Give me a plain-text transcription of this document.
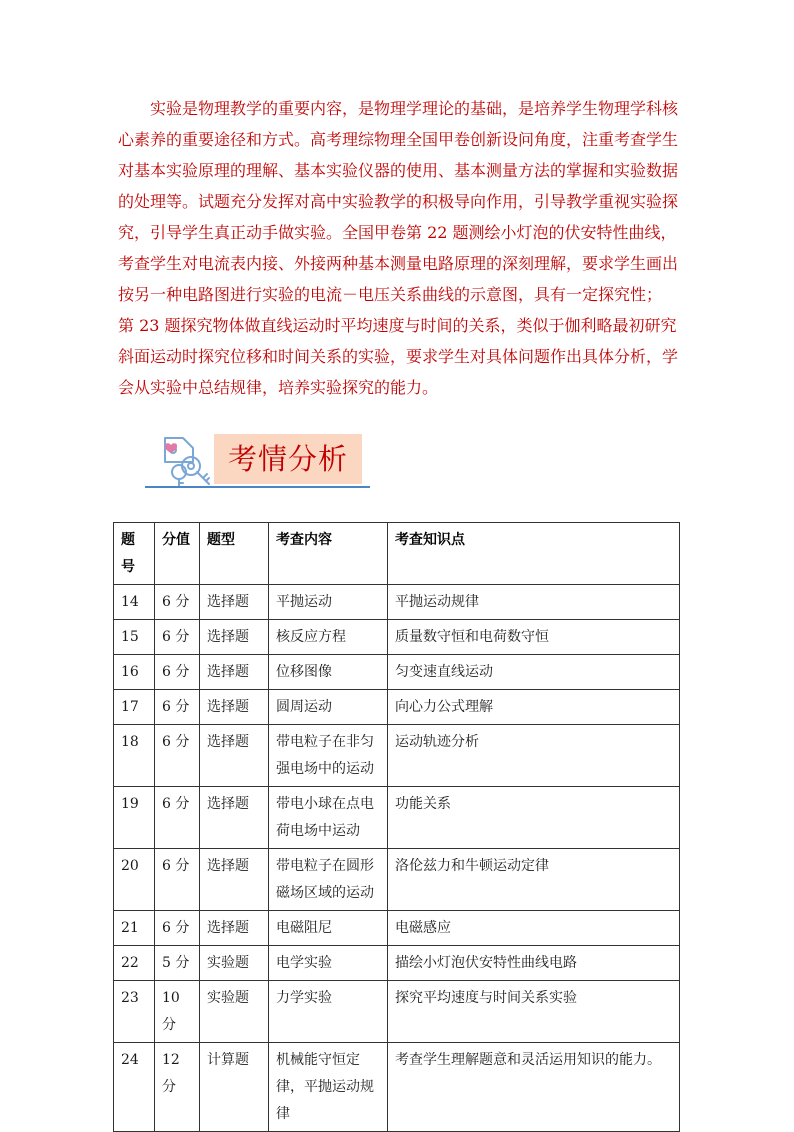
实验是物理教学的重要内容，是物理学理论的基础，是培养学生物理学科核
心素养的重要途径和方式。高考理综物理全国甲卷创新设问角度，注重考查学生
对基本实验原理的理解、基本实验仪器的使用、基本测量方法的掌握和实验数据
的处理等。试题充分发挥对高中实验教学的积极导向作用，引导教学重视实验探
究，引导学生真正动手做实验。全国甲卷第 22 题测绘小灯泡的伏安特性曲线，
考查学生对电流表内接、外接两种基本测量电路原理的深刻理解，要求学生画出
按另一种电路图进行实验的电流－电压关系曲线的示意图，具有一定探究性；
第 23 题探究物体做直线运动时平均速度与时间的关系，类似于伽利略最初研究
斜面运动时探究位移和时间关系的实验，要求学生对具体问题作出具体分析，学
会从实验中总结规律，培养实验探究的能力。
考情分析
题号	分值	题型	考查内容	考查知识点
14	6 分	选择题	平抛运动	平抛运动规律
15	6 分	选择题	核反应方程	质量数守恒和电荷数守恒
16	6 分	选择题	位移图像	匀变速直线运动
17	6 分	选择题	圆周运动	向心力公式理解
18	6 分	选择题	带电粒子在非匀强电场中的运动	运动轨迹分析
19	6 分	选择题	带电小球在点电荷电场中运动	功能关系
20	6 分	选择题	带电粒子在圆形磁场区域的运动	洛伦兹力和牛顿运动定律
21	6 分	选择题	电磁阻尼	电磁感应
22	5 分	实验题	电学实验	描绘小灯泡伏安特性曲线电路
23	10 分	实验题	力学实验	探究平均速度与时间关系实验
24	12 分	计算题	机械能守恒定律，平抛运动规律	考查学生理解题意和灵活运用知识的能力。
